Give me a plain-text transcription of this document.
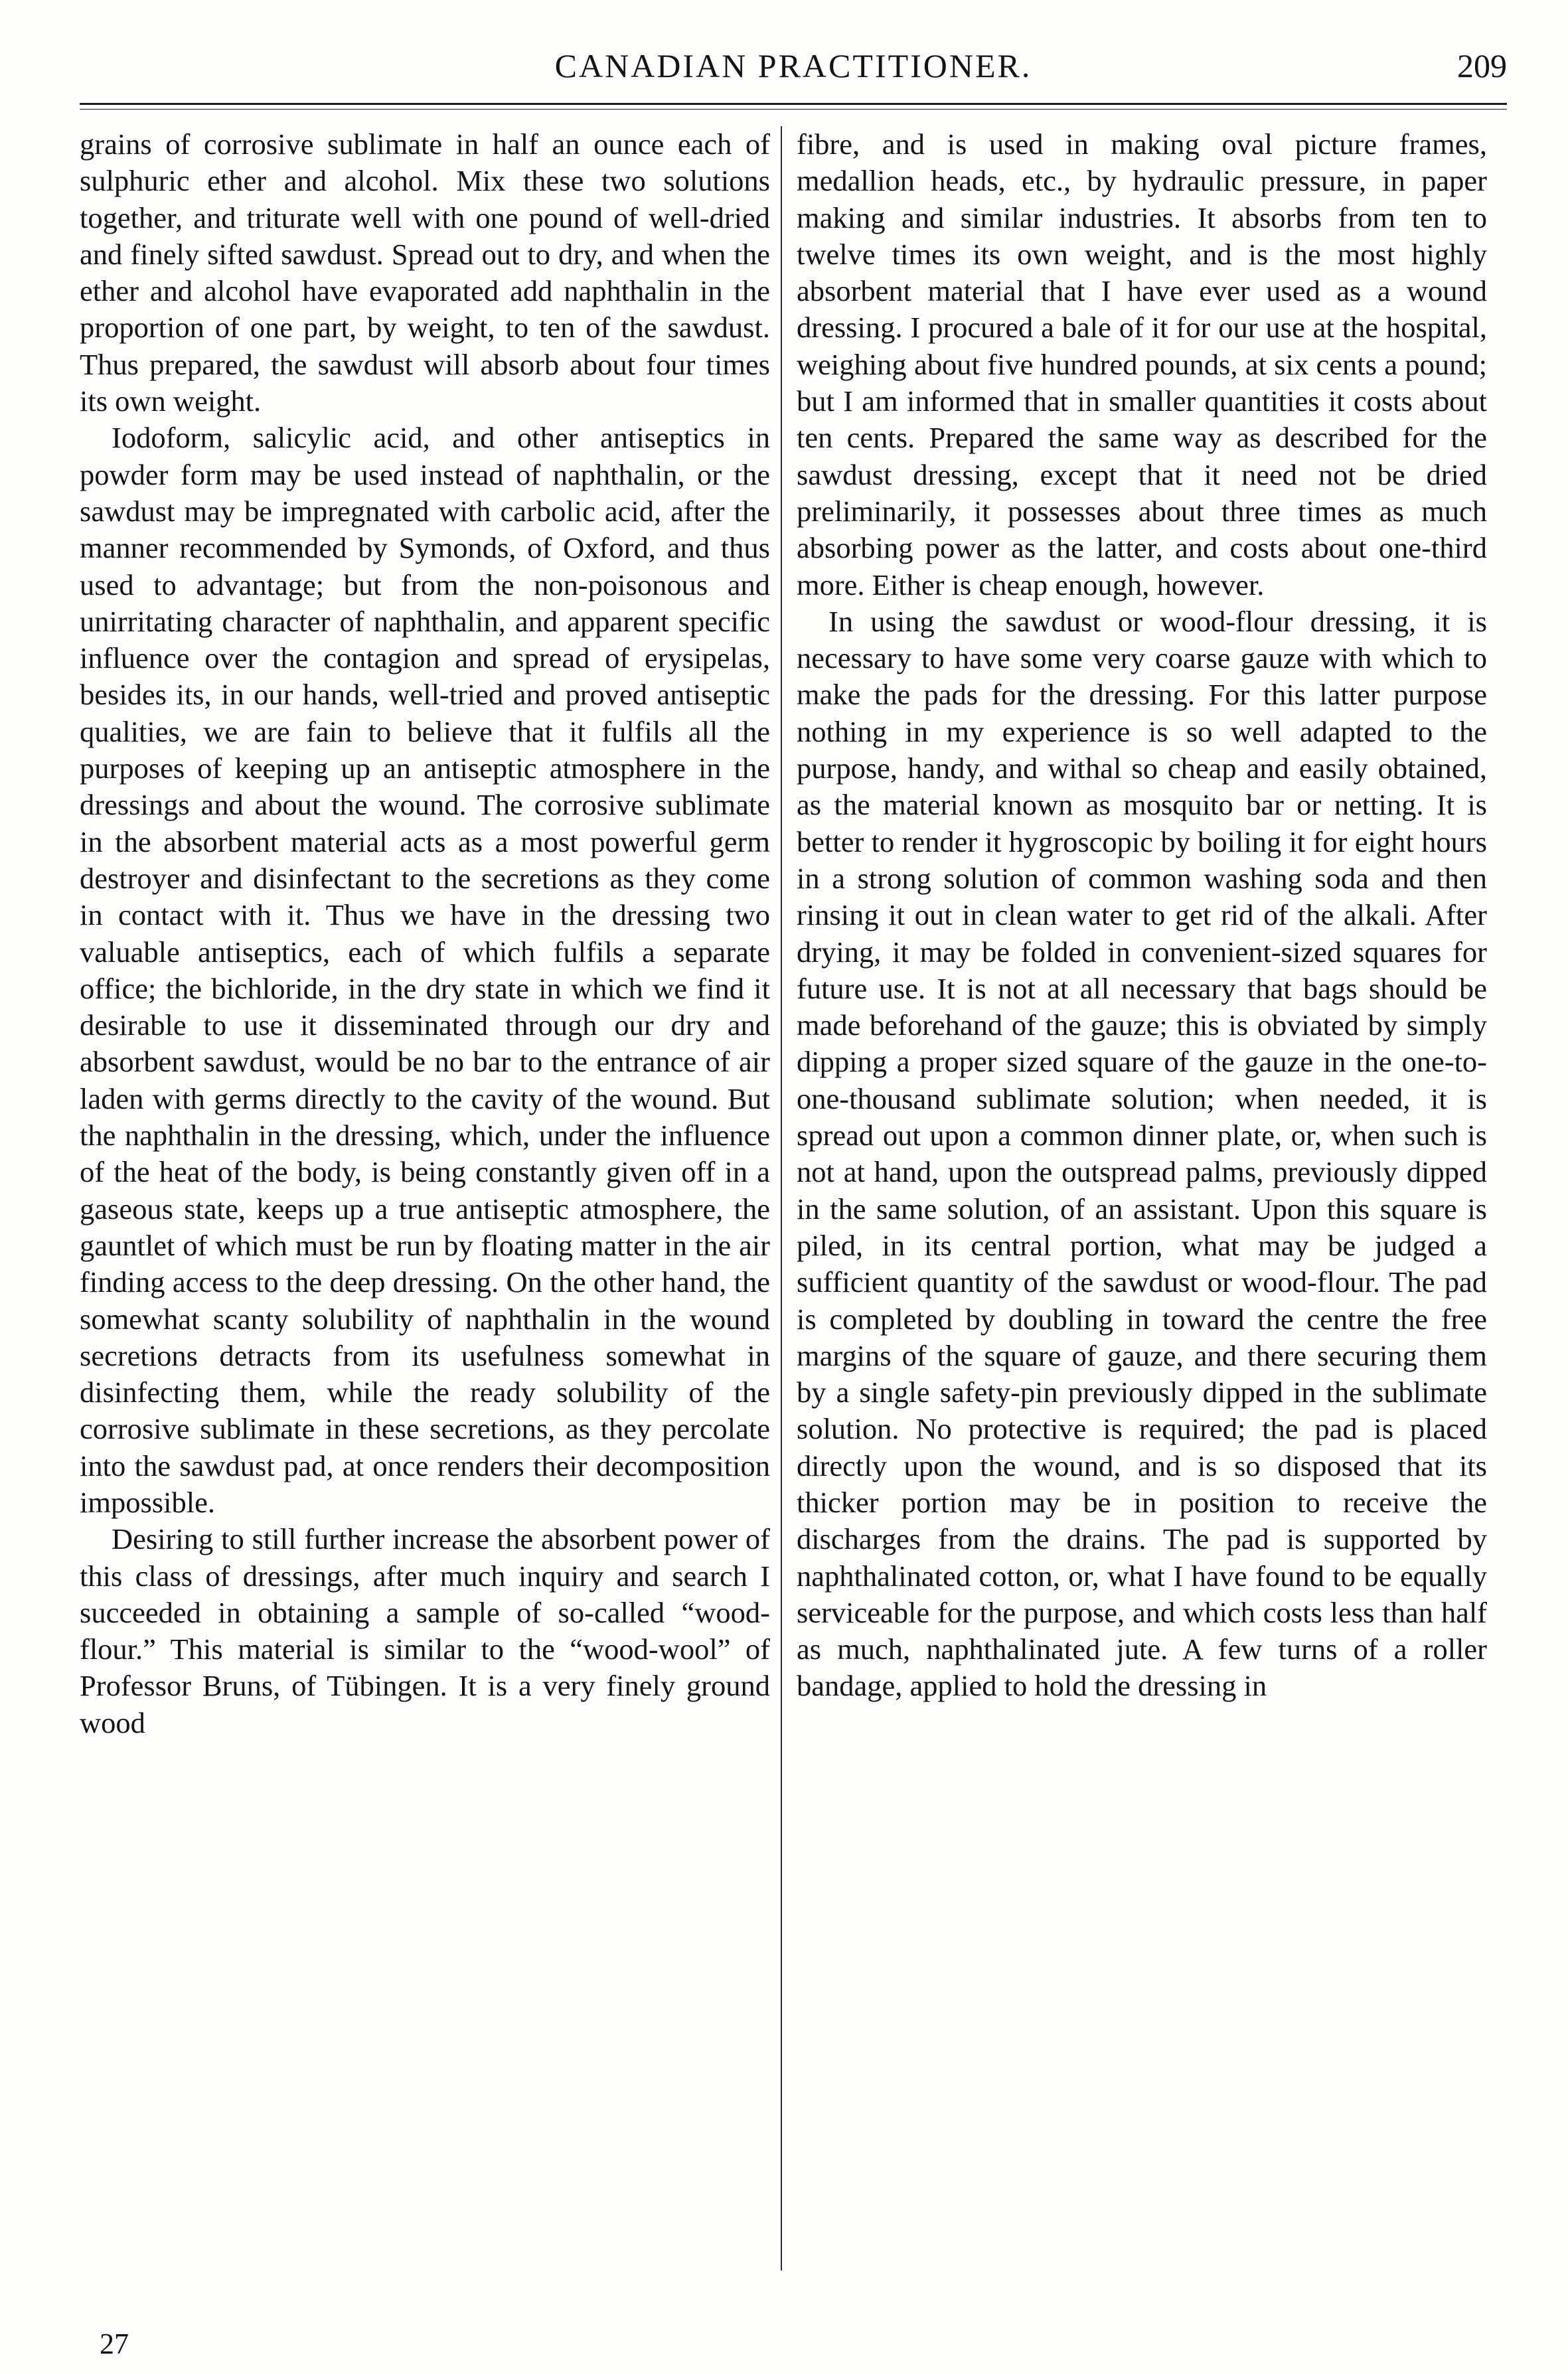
CANADIAN PRACTITIONER.	209

grains of corrosive sublimate in half an ounce each of sulphuric ether and alcohol. Mix these two solutions together, and triturate well with one pound of well-dried and finely sifted sawdust. Spread out to dry, and when the ether and alcohol have evaporated add naphthalin in the proportion of one part, by weight, to ten of the sawdust. Thus prepared, the sawdust will absorb about four times its own weight.

Iodoform, salicylic acid, and other antiseptics in powder form may be used instead of naphthalin, or the sawdust may be impregnated with carbolic acid, after the manner recommended by Symonds, of Oxford, and thus used to advantage; but from the non-poisonous and unirritating character of naphthalin, and apparent specific influence over the contagion and spread of erysipelas, besides its, in our hands, well-tried and proved antiseptic qualities, we are fain to believe that it fulfils all the purposes of keeping up an antiseptic atmosphere in the dressings and about the wound. The corrosive sublimate in the absorbent material acts as a most powerful germ destroyer and disinfectant to the secretions as they come in contact with it. Thus we have in the dressing two valuable antiseptics, each of which fulfils a separate office; the bichloride, in the dry state in which we find it desirable to use it disseminated through our dry and absorbent sawdust, would be no bar to the entrance of air laden with germs directly to the cavity of the wound. But the naphthalin in the dressing, which, under the influence of the heat of the body, is being constantly given off in a gaseous state, keeps up a true antiseptic atmosphere, the gauntlet of which must be run by floating matter in the air finding access to the deep dressing. On the other hand, the somewhat scanty solubility of naphthalin in the wound secretions detracts from its usefulness somewhat in disinfecting them, while the ready solubility of the corrosive sublimate in these secretions, as they percolate into the sawdust pad, at once renders their decomposition impossible.

Desiring to still further increase the absorbent power of this class of dressings, after much inquiry and search I succeeded in obtaining a sample of so-called “wood-flour.” This material is similar to the “wood-wool” of Professor Bruns, of Tübingen. It is a very finely ground wood

fibre, and is used in making oval picture frames, medallion heads, etc., by hydraulic pressure, in paper making and similar industries. It absorbs from ten to twelve times its own weight, and is the most highly absorbent material that I have ever used as a wound dressing. I procured a bale of it for our use at the hospital, weighing about five hundred pounds, at six cents a pound; but I am informed that in smaller quantities it costs about ten cents. Prepared the same way as described for the sawdust dressing, except that it need not be dried preliminarily, it possesses about three times as much absorbing power as the latter, and costs about one-third more. Either is cheap enough, however.

In using the sawdust or wood-flour dressing, it is necessary to have some very coarse gauze with which to make the pads for the dressing. For this latter purpose nothing in my experience is so well adapted to the purpose, handy, and withal so cheap and easily obtained, as the material known as mosquito bar or netting. It is better to render it hygroscopic by boiling it for eight hours in a strong solution of common washing soda and then rinsing it out in clean water to get rid of the alkali. After drying, it may be folded in convenient-sized squares for future use. It is not at all necessary that bags should be made beforehand of the gauze; this is obviated by simply dipping a proper sized square of the gauze in the one-to-one-thousand sublimate solution; when needed, it is spread out upon a common dinner plate, or, when such is not at hand, upon the outspread palms, previously dipped in the same solution, of an assistant. Upon this square is piled, in its central portion, what may be judged a sufficient quantity of the sawdust or wood-flour. The pad is completed by doubling in toward the centre the free margins of the square of gauze, and there securing them by a single safety-pin previously dipped in the sublimate solution. No protective is required; the pad is placed directly upon the wound, and is so disposed that its thicker portion may be in position to receive the discharges from the drains. The pad is supported by naphthalinated cotton, or, what I have found to be equally serviceable for the purpose, and which costs less than half as much, naphthalinated jute. A few turns of a roller bandage, applied to hold the dressing in

27
